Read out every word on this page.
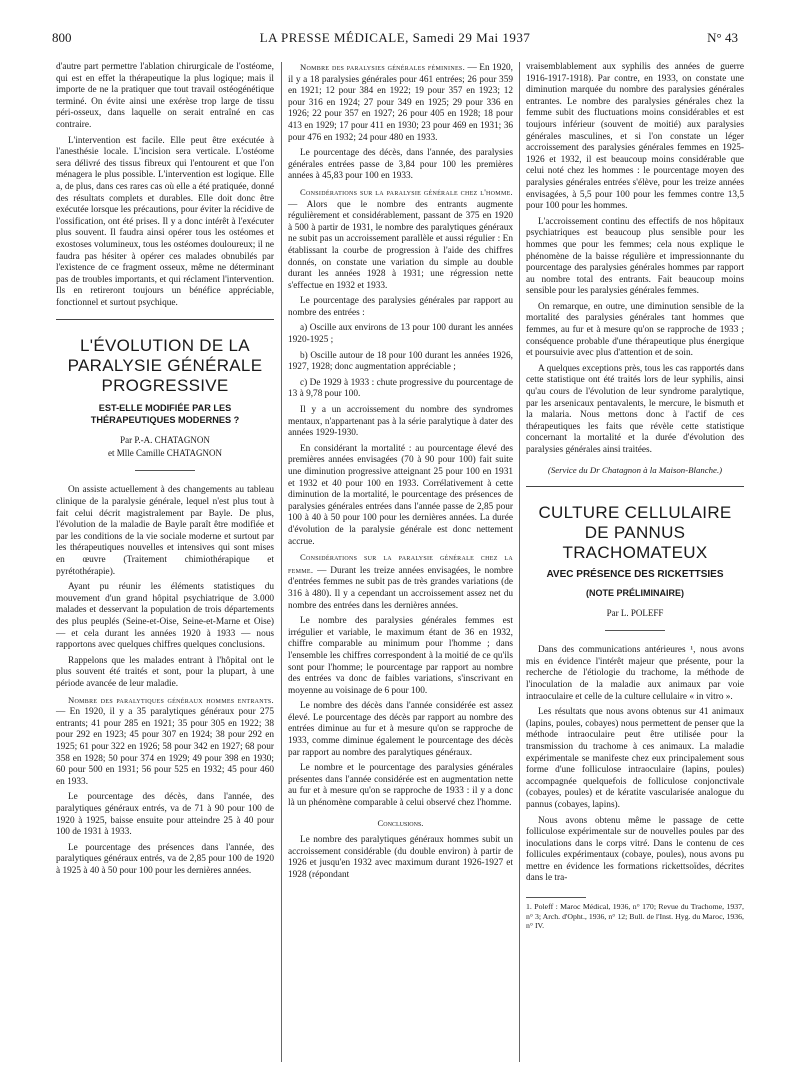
800	LA PRESSE MÉDICALE, Samedi 29 Mai 1937	N° 43

d'autre part permettre l'ablation chirurgicale de l'ostéome, qui est en effet la thérapeutique la plus logique; mais il importe de ne la pratiquer que tout travail ostéogénétique terminé. On évite ainsi une exérèse trop large de tissu péri-osseux, dans laquelle on serait entraîné en cas contraire.

L'intervention est facile. Elle peut être exécutée à l'anesthésie locale. L'incision sera verticale. L'ostéome sera délivré des tissus fibreux qui l'entourent et que l'on ménagera le plus possible. L'intervention est logique. Elle a, de plus, dans ces rares cas où elle a été pratiquée, donné des résultats complets et durables. Elle doit donc être exécutée lorsque les précautions, pour éviter la récidive de l'ossification, ont été prises. Il y a donc intérêt à l'exécuter plus souvent. Il faudra ainsi opérer tous les ostéomes et exostoses volumineux, tous les ostéomes douloureux; il ne faudra pas hésiter à opérer ces malades obnubilés par l'existence de ce fragment osseux, même ne déterminant pas de troubles importants, et qui réclament l'intervention. Ils en retireront toujours un bénéfice appréciable, fonctionnel et surtout psychique.

L'ÉVOLUTION DE LA PARALYSIE GÉNÉRALE PROGRESSIVE
EST-ELLE MODIFIÉE PAR LES THÉRAPEUTIQUES MODERNES ?
Par P.-A. CHATAGNON
et Mlle Camille CHATAGNON

On assiste actuellement à des changements au tableau clinique de la paralysie générale, lequel n'est plus tout à fait celui décrit magistralement par Bayle. De plus, l'évolution de la maladie de Bayle paraît être modifiée et par les conditions de la vie sociale moderne et surtout par les thérapeutiques nouvelles et intensives qui sont mises en œuvre (Traitement chimiothérapique et pyrétothérapie).

Ayant pu réunir les éléments statistiques du mouvement d'un grand hôpital psychiatrique de 3.000 malades et desservant la population de trois départements des plus peuplés (Seine-et-Oise, Seine-et-Marne et Oise) — et cela durant les années 1920 à 1933 — nous rapportons avec quelques chiffres quelques conclusions.

Rappelons que les malades entrant à l'hôpital ont le plus souvent été traités et sont, pour la plupart, à une période avancée de leur maladie.

Nombre des paralytiques généraux hommes entrants. — En 1920, il y a 35 paralytiques généraux pour 275 entrants; 41 pour 285 en 1921; 35 pour 305 en 1922; 38 pour 292 en 1923; 45 pour 307 en 1924; 38 pour 292 en 1925; 61 pour 322 en 1926; 58 pour 342 en 1927; 68 pour 358 en 1928; 50 pour 374 en 1929; 49 pour 398 en 1930; 60 pour 500 en 1931; 56 pour 525 en 1932; 45 pour 460 en 1933.

Le pourcentage des décès, dans l'année, des paralytiques généraux entrés, va de 71 à 90 pour 100 de 1920 à 1925, baisse ensuite pour atteindre 25 à 40 pour 100 de 1931 à 1933.

Le pourcentage des présences dans l'année, des paralytiques généraux entrés, va de 2,85 pour 100 de 1920 à 1925 à 40 à 50 pour 100 pour les dernières années.

Nombre des paralysies générales féminines. — En 1920, il y a 18 paralysies générales pour 461 entrées; 26 pour 359 en 1921; 12 pour 384 en 1922; 19 pour 357 en 1923; 12 pour 316 en 1924; 27 pour 349 en 1925; 29 pour 336 en 1926; 22 pour 357 en 1927; 26 pour 405 en 1928; 18 pour 413 en 1929; 17 pour 411 en 1930; 23 pour 469 en 1931; 36 pour 476 en 1932; 24 pour 480 en 1933.

Le pourcentage des décès, dans l'année, des paralysies générales entrées passe de 3,84 pour 100 les premières années à 45,83 pour 100 en 1933.

Considérations sur la paralysie générale chez l'homme. — Alors que le nombre des entrants augmente régulièrement et considérablement, passant de 375 en 1920 à 500 à partir de 1931, le nombre des paralytiques généraux ne subit pas un accroissement parallèle et aussi régulier : En établissant la courbe de progression à l'aide des chiffres donnés, on constate une variation du simple au double durant les années 1928 à 1931; une régression nette s'effectue en 1932 et 1933.

Le pourcentage des paralysies générales par rapport au nombre des entrées :

a) Oscille aux environs de 13 pour 100 durant les années 1920-1925 ;

b) Oscille autour de 18 pour 100 durant les années 1926, 1927, 1928; donc augmentation appréciable ;

c) De 1929 à 1933 : chute progressive du pourcentage de 13 à 9,78 pour 100.

Il y a un accroissement du nombre des syndromes mentaux, n'appartenant pas à la série paralytique à dater des années 1929-1930.

En considérant la mortalité : au pourcentage élevé des premières années envisagées (70 à 90 pour 100) fait suite une diminution progressive atteignant 25 pour 100 en 1931 et 1932 et 40 pour 100 en 1933. Corrélativement à cette diminution de la mortalité, le pourcentage des présences de paralysies générales entrées dans l'année passe de 2,85 pour 100 à 40 à 50 pour 100 pour les dernières années. La durée d'évolution de la paralysie générale est donc nettement accrue.

Considérations sur la paralysie générale chez la femme. — Durant les treize années envisagées, le nombre d'entrées femmes ne subit pas de très grandes variations (de 316 à 480). Il y a cependant un accroissement assez net du nombre des entrées dans les dernières années.

Le nombre des paralysies générales femmes est irrégulier et variable, le maximum étant de 36 en 1932, chiffre comparable au minimum pour l'homme ; dans l'ensemble les chiffres correspondent à la moitié de ce qu'ils sont pour l'homme; le pourcentage par rapport au nombre des entrées va donc de faibles variations, s'inscrivant en moyenne au voisinage de 6 pour 100.

Le nombre des décès dans l'année considérée est assez élevé. Le pourcentage des décès par rapport au nombre des entrées diminue au fur et à mesure qu'on se rapproche de 1933, comme diminue également le pourcentage des décès par rapport au nombre des paralytiques généraux.

Le nombre et le pourcentage des paralysies générales présentes dans l'année considérée est en augmentation nette au fur et à mesure qu'on se rapproche de 1933 : il y a donc là un phénomène comparable à celui observé chez l'homme.

Conclusions.

Le nombre des paralytiques généraux hommes subit un accroissement considérable (du double environ) à partir de 1926 et jusqu'en 1932 avec maximum durant 1926-1927 et 1928 (répondant

vraisemblablement aux syphilis des années de guerre 1916-1917-1918). Par contre, en 1933, on constate une diminution marquée du nombre des paralysies générales entrantes. Le nombre des paralysies générales chez la femme subit des fluctuations moins considérables et est toujours inférieur (souvent de moitié) aux paralysies générales masculines, et si l'on constate un léger accroissement des paralysies générales femmes en 1925-1926 et 1932, il est beaucoup moins considérable que celui noté chez les hommes : le pourcentage moyen des paralysies générales entrées s'élève, pour les treize années envisagées, à 5,5 pour 100 pour les femmes contre 13,5 pour 100 pour les hommes.

L'accroissement continu des effectifs de nos hôpitaux psychiatriques est beaucoup plus sensible pour les hommes que pour les femmes; cela nous explique le phénomène de la baisse régulière et impressionnante du pourcentage des paralysies générales hommes par rapport au nombre total des entrants. Fait beaucoup moins sensible pour les paralysies générales femmes.

On remarque, en outre, une diminution sensible de la mortalité des paralysies générales tant hommes que femmes, au fur et à mesure qu'on se rapproche de 1933 ; conséquence probable d'une thérapeutique plus énergique et poursuivie avec plus d'attention et de soin.

A quelques exceptions près, tous les cas rapportés dans cette statistique ont été traités lors de leur syphilis, ainsi qu'au cours de l'évolution de leur syndrome paralytique, par les arsenicaux pentavalents, le mercure, le bismuth et la malaria. Nous mettons donc à l'actif de ces thérapeutiques les faits que révèle cette statistique concernant la mortalité et la durée d'évolution des paralysies générales ainsi traitées.

(Service du Dr Chatagnon à la Maison-Blanche.)
CULTURE CELLULAIRE DE PANNUS TRACHOMATEUX
AVEC PRÉSENCE DES RICKETTSIES
(NOTE PRÉLIMINAIRE)
Par L. POLEFF

Dans des communications antérieures ¹, nous avons mis en évidence l'intérêt majeur que présente, pour la recherche de l'étiologie du trachome, la méthode de l'inoculation de la maladie aux animaux par voie intraoculaire et celle de la culture cellulaire « in vitro ».

Les résultats que nous avons obtenus sur 41 animaux (lapins, poules, cobayes) nous permettent de penser que la méthode intraoculaire peut être utilisée pour la transmission du trachome à ces animaux. La maladie expérimentale se manifeste chez eux principalement sous forme d'une folliculose intraoculaire (lapins, poules) accompagnée quelquefois de folliculose conjonctivale (cobayes, poules) et de kératite vascularisée analogue du pannus (cobayes, lapins).

Nous avons obtenu même le passage de cette folliculose expérimentale sur de nouvelles poules par des inoculations dans le corps vitré. Dans le contenu de ces follicules expérimentaux (cobaye, poules), nous avons pu mettre en évidence les formations rickettsoïdes, décrites dans le tra-

1. Poleff : Maroc Médical, 1936, n° 170; Revue du Trachome, 1937, n° 3; Arch. d'Opht., 1936, n° 12; Bull. de l'Inst. Hyg. du Maroc, 1936, n° IV.
